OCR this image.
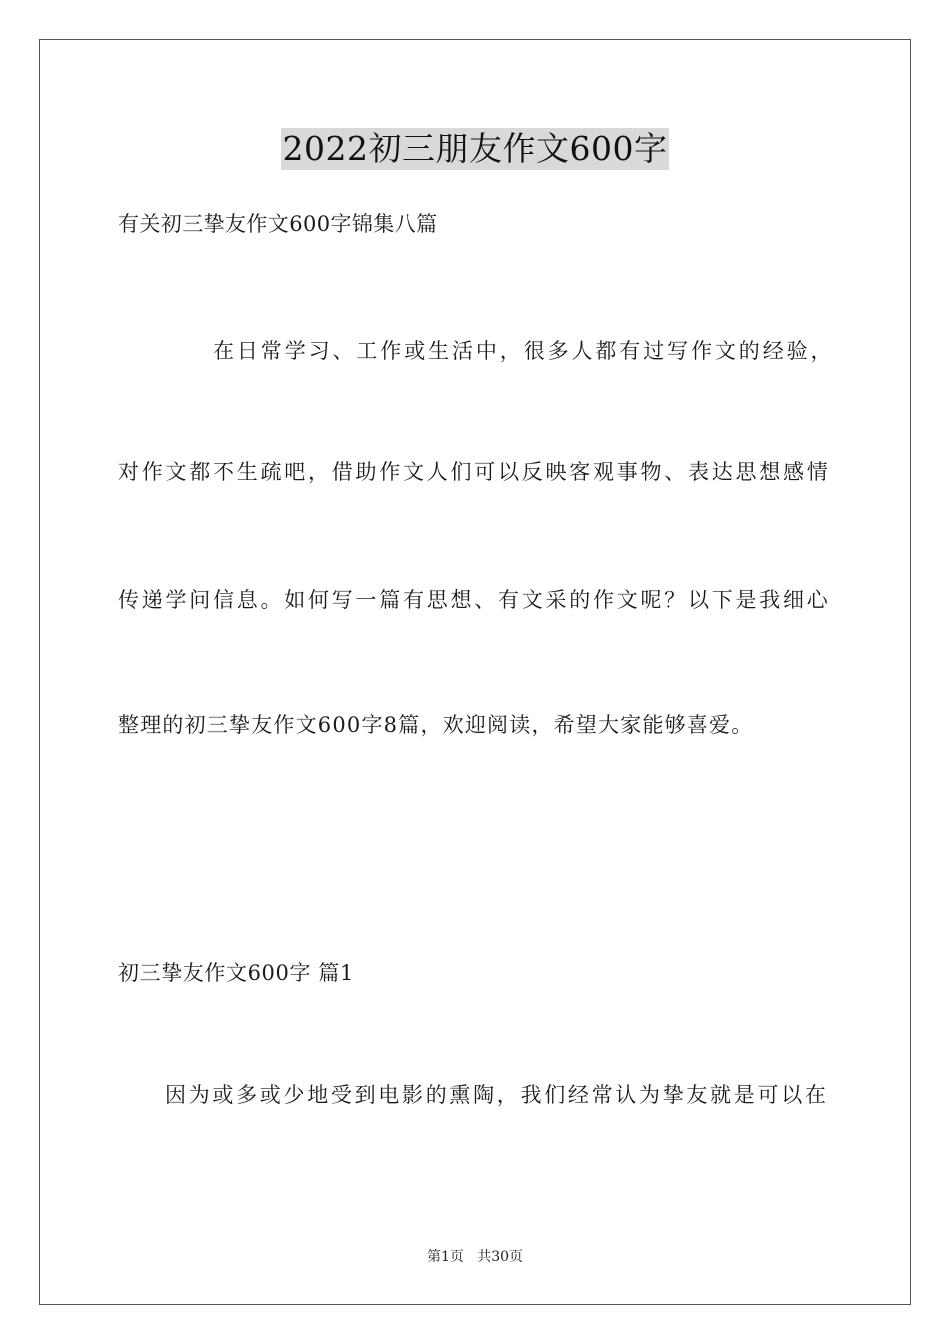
2022初三朋友作文600字
有关初三挚友作文600字锦集八篇
在日常学习、工作或生活中，很多人都有过写作文的经验，
对作文都不生疏吧，借助作文人们可以反映客观事物、表达思想感情
传递学问信息。如何写一篇有思想、有文采的作文呢？以下是我细心
整理的初三挚友作文600字8篇，欢迎阅读，希望大家能够喜爱。
初三挚友作文600字 篇1
因为或多或少地受到电影的熏陶，我们经常认为挚友就是可以在
第1页   共30页
